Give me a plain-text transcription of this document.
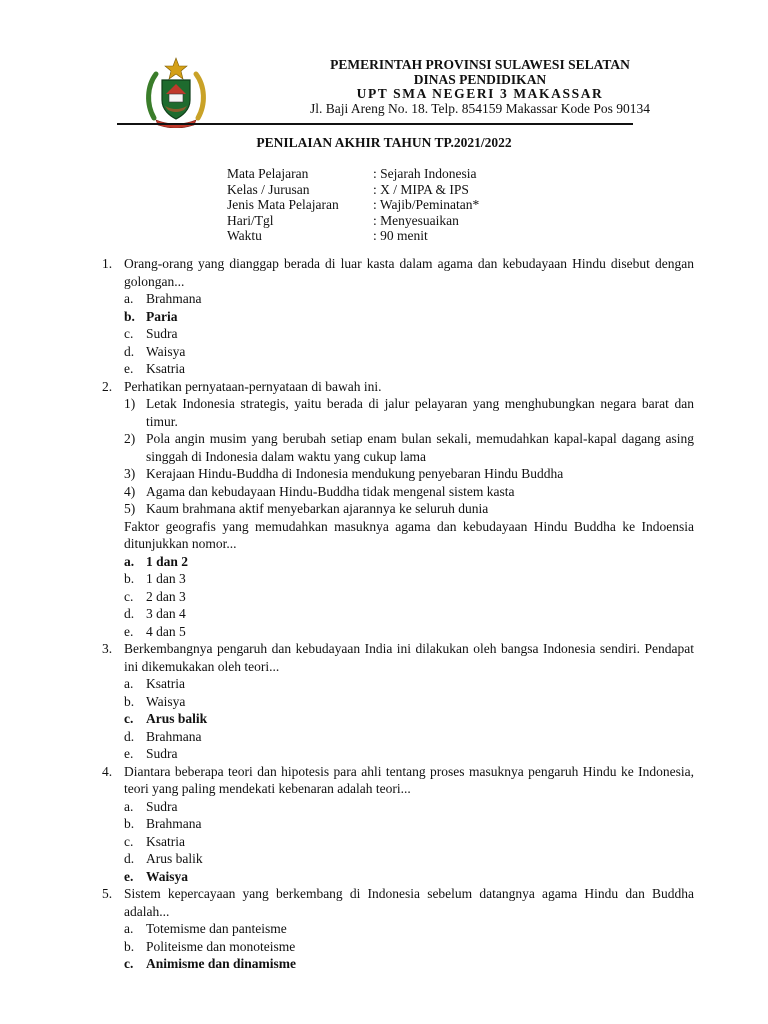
PEMERINTAH PROVINSI SULAWESI SELATAN
DINAS PENDIDIKAN
UPT SMA NEGERI 3 MAKASSAR
Jl. Baji Areng No. 18. Telp. 854159 Makassar Kode Pos 90134
PENILAIAN AKHIR TAHUN TP.2021/2022
Mata Pelajaran	: Sejarah Indonesia
Kelas / Jurusan	: X / MIPA & IPS
Jenis Mata Pelajaran	: Wajib/Peminatan*
Hari/Tgl	: Menyesuaikan
Waktu	: 90 menit
1. Orang-orang yang dianggap berada di luar kasta dalam agama dan kebudayaan Hindu disebut dengan golongan...

a. Brahmana
b. Paria
c. Sudra
d. Waisya
e. Ksatria
2. Perhatikan pernyataan-pernyataan di bawah ini.

1) Letak Indonesia strategis, yaitu berada di jalur pelayaran yang menghubungkan negara barat dan timur.
2) Pola angin musim yang berubah setiap enam bulan sekali, memudahkan kapal-kapal dagang asing singgah di Indonesia dalam waktu yang cukup lama
3) Kerajaan Hindu-Buddha di Indonesia mendukung penyebaran Hindu Buddha
4) Agama dan kebudayaan Hindu-Buddha tidak mengenal sistem kasta
5) Kaum brahmana aktif menyebarkan ajarannya ke seluruh dunia
Faktor geografis yang memudahkan masuknya agama dan kebudayaan Hindu Buddha ke Indoensia ditunjukkan nomor...
a. 1 dan 2
b. 1 dan 3
c. 2 dan 3
d. 3 dan 4
e. 4 dan 5
3. Berkembangnya pengaruh dan kebudayaan India ini dilakukan oleh bangsa Indonesia sendiri. Pendapat ini dikemukakan oleh teori...

a. Ksatria
b. Waisya
c. Arus balik
d. Brahmana
e. Sudra
4. Diantara beberapa teori dan hipotesis para ahli tentang proses masuknya pengaruh Hindu ke Indonesia, teori yang paling mendekati kebenaran adalah teori...

a. Sudra
b. Brahmana
c. Ksatria
d. Arus balik
e. Waisya
5. Sistem kepercayaan yang berkembang di Indonesia sebelum datangnya agama Hindu dan Buddha adalah...

a. Totemisme dan panteisme
b. Politeisme dan monoteisme
c. Animisme dan dinamisme
